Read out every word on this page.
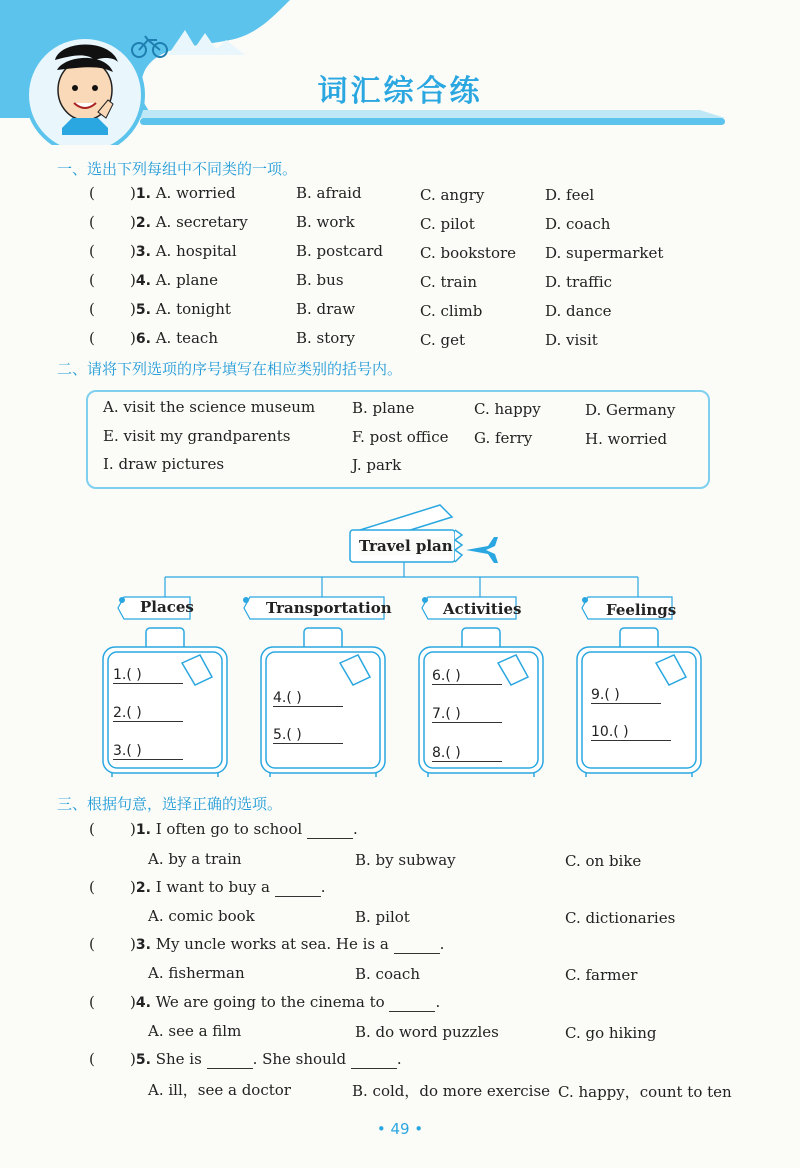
词汇综合练
一、选出下列每组中不同类的一项。
( )1. A. worried	B. afraid	C. angry	D. feel
( )2. A. secretary	B. work	C. pilot	D. coach
( )3. A. hospital	B. postcard C. bookstore D. supermarket
( )4. A. plane	B. bus	C. train	D. traffic
( )5. A. tonight	B. draw	C. climb	D. dance
( )6. A. teach	B. story	C. get	D. visit
二、请将下列选项的序号填写在相应类别的括号内。
A. visit the science museum B. plane	C. happy	D. Germany
E. visit my grandparents	F. post office G. ferry	H. worried
I. draw pictures	J. park
Travel plan
Places	Transportation	Activities	Feelings
1.( )
2.( )
3.( )
4.( )
5.( )
6.( )
7.( )
8.( )
9.( )
10.( )
三、根据句意，选择正确的选项。
( )1. I often go to school	.
A. by a train	B. by subway	C. on bike
( )2. I want to buy a	.
A. comic book	B. pilot	C. dictionaries
( )3. My uncle works at sea. He is a	.
A. fisherman	B. coach	C. farmer
( )4. We are going to the cinema to	.
A. see a film	B. do word puzzles	C. go hiking
( )5. She is	. She should	.
A. ill，see a doctor	B. cold，do more exercise C. happy，count to ten
• 49 •
